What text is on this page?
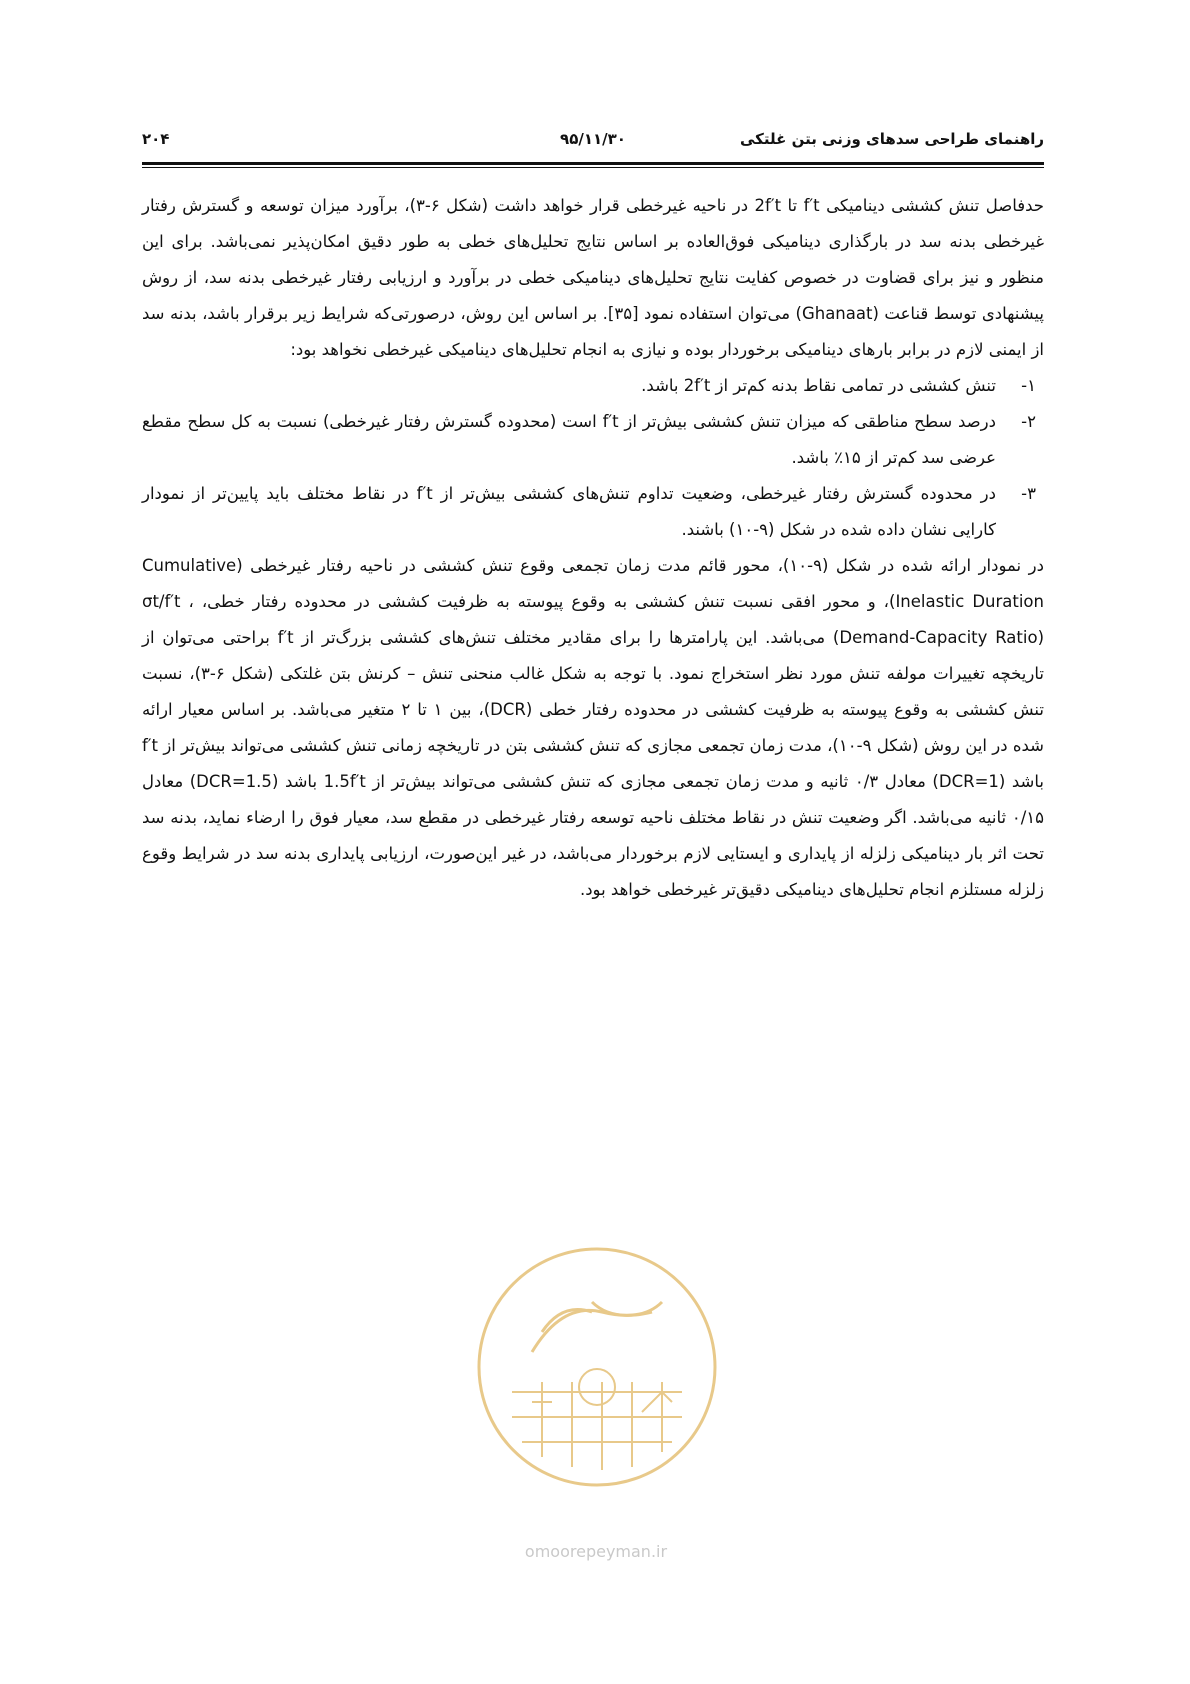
راهنمای طراحی سدهای وزنی بتن غلتکی
۹۵/۱۱/۳۰
۲۰۴

حدفاصل تنش کششی دینامیکی f′t تا 2f′t در ناحیه غیرخطی قرار خواهد داشت (شکل ۶-۳)، برآورد میزان توسعه و گسترش رفتار غیرخطی بدنه سد در بارگذاری دینامیکی فوق‌العاده بر اساس نتایج تحلیل‌های خطی به طور دقیق امکان‌پذیر نمی‌باشد. برای این منظور و نیز برای قضاوت در خصوص کفایت نتایج تحلیل‌های دینامیکی خطی در برآورد و ارزیابی رفتار غیرخطی بدنه سد، از روش پیشنهادی توسط قناعت (Ghanaat) می‌توان استفاده نمود [۳۵]. بر اساس این روش، درصورتی‌که شرایط زیر برقرار باشد، بدنه سد از ایمنی لازم در برابر بارهای دینامیکی برخوردار بوده و نیازی به انجام تحلیل‌های دینامیکی غیرخطی نخواهد بود:

۱-
تنش کششی در تمامی نقاط بدنه کم‌تر از 2f′t باشد.
۲-
درصد سطح مناطقی که میزان تنش کششی بیش‌تر از f′t است (محدوده گسترش رفتار غیرخطی) نسبت به کل سطح مقطع عرضی سد کم‌تر از ۱۵٪ باشد.
۳-
در محدوده گسترش رفتار غیرخطی، وضعیت تداوم تنش‌های کششی بیش‌تر از f′t در نقاط مختلف باید پایین‌تر از نمودار کارایی نشان داده شده در شکل (۹-۱۰) باشند.

در نمودار ارائه شده در شکل (۹-۱۰)، محور قائم مدت زمان تجمعی وقوع تنش کششی در ناحیه رفتار غیرخطی (Cumulative Inelastic Duration)، و محور افقی نسبت تنش کششی به وقوع پیوسته به ظرفیت کششی در محدوده رفتار خطی، σt/f′t ،(Demand-Capacity Ratio) می‌باشد. این پارامترها را برای مقادیر مختلف تنش‌های کششی بزرگ‌تر از f′t براحتی می‌توان از تاریخچه تغییرات مولفه تنش مورد نظر استخراج نمود. با توجه به شکل غالب منحنی تنش – کرنش بتن غلتکی (شکل ۶-۳)، نسبت تنش کششی به وقوع پیوسته به ظرفیت کششی در محدوده رفتار خطی (DCR)، بین ۱ تا ۲ متغیر می‌باشد. بر اساس معیار ارائه شده در این روش (شکل ۹-۱۰)، مدت زمان تجمعی مجازی که تنش کششی بتن در تاریخچه زمانی تنش کششی می‌تواند بیش‌تر از f′t باشد (DCR=1) معادل ۰/۳ ثانیه و مدت زمان تجمعی مجازی که تنش کششی می‌تواند بیش‌تر از 1.5f′t باشد (DCR=1.5) معادل ۰/۱۵ ثانیه می‌باشد. اگر وضعیت تنش در نقاط مختلف ناحیه توسعه رفتار غیرخطی در مقطع سد، معیار فوق را ارضاء نماید، بدنه سد تحت اثر بار دینامیکی زلزله از پایداری و ایستایی لازم برخوردار می‌باشد، در غیر این‌صورت، ارزیابی پایداری بدنه سد در شرایط وقوع زلزله مستلزم انجام تحلیل‌های دینامیکی دقیق‌تر غیرخطی خواهد بود.

omoorepeyman.ir
